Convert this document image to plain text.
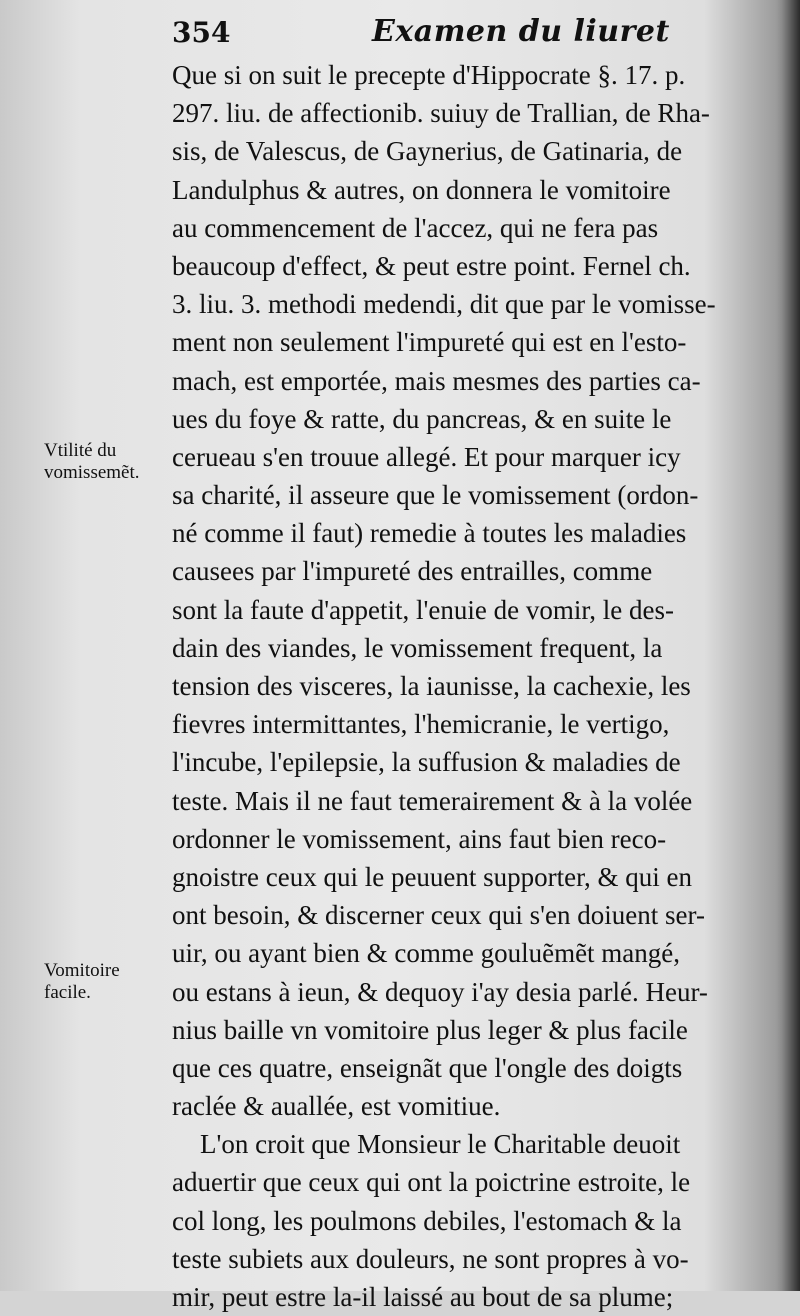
354	Examen du liuret
Vtilité du
vomissemẽt.
Vomitoire
facile.
Que si on suit le precepte d'Hippocrate §. 17. p.
297. liu. de affectionib. suiuy de Trallian, de Rha-
sis, de Valescus, de Gaynerius, de Gatinaria, de
Landulphus & autres, on donnera le vomitoire
au commencement de l'accez, qui ne fera pas
beaucoup d'effect, & peut estre point. Fernel ch.
3. liu. 3. methodi medendi, dit que par le vomisse-
ment non seulement l'impureté qui est en l'esto-
mach, est emportée, mais mesmes des parties ca-
ues du foye & ratte, du pancreas, & en suite le
cerueau s'en trouue allegé. Et pour marquer icy
sa charité, il asseure que le vomissement (ordon-
né comme il faut) remedie à toutes les maladies
causees par l'impureté des entrailles, comme
sont la faute d'appetit, l'enuie de vomir, le des-
dain des viandes, le vomissement frequent, la
tension des visceres, la iaunisse, la cachexie, les
fievres intermittantes, l'hemicranie, le vertigo,
l'incube, l'epilepsie, la suffusion & maladies de
teste. Mais il ne faut temerairement & à la volée
ordonner le vomissement, ains faut bien reco-
gnoistre ceux qui le peuuent supporter, & qui en
ont besoin, & discerner ceux qui s'en doiuent ser-
uir, ou ayant bien & comme gouluẽmẽt mangé,
ou estans à ieun, & dequoy i'ay desia parlé. Heur-
nius baille vn vomitoire plus leger & plus facile
que ces quatre, enseignãt que l'ongle des doigts
raclée & auallée, est vomitiue.
L'on croit que Monsieur le Charitable deuoit
aduertir que ceux qui ont la poictrine estroite, le
col long, les poulmons debiles, l'estomach & la
teste subiets aux douleurs, ne sont propres à vo-
mir, peut estre la-il laissé au bout de sa plume;
